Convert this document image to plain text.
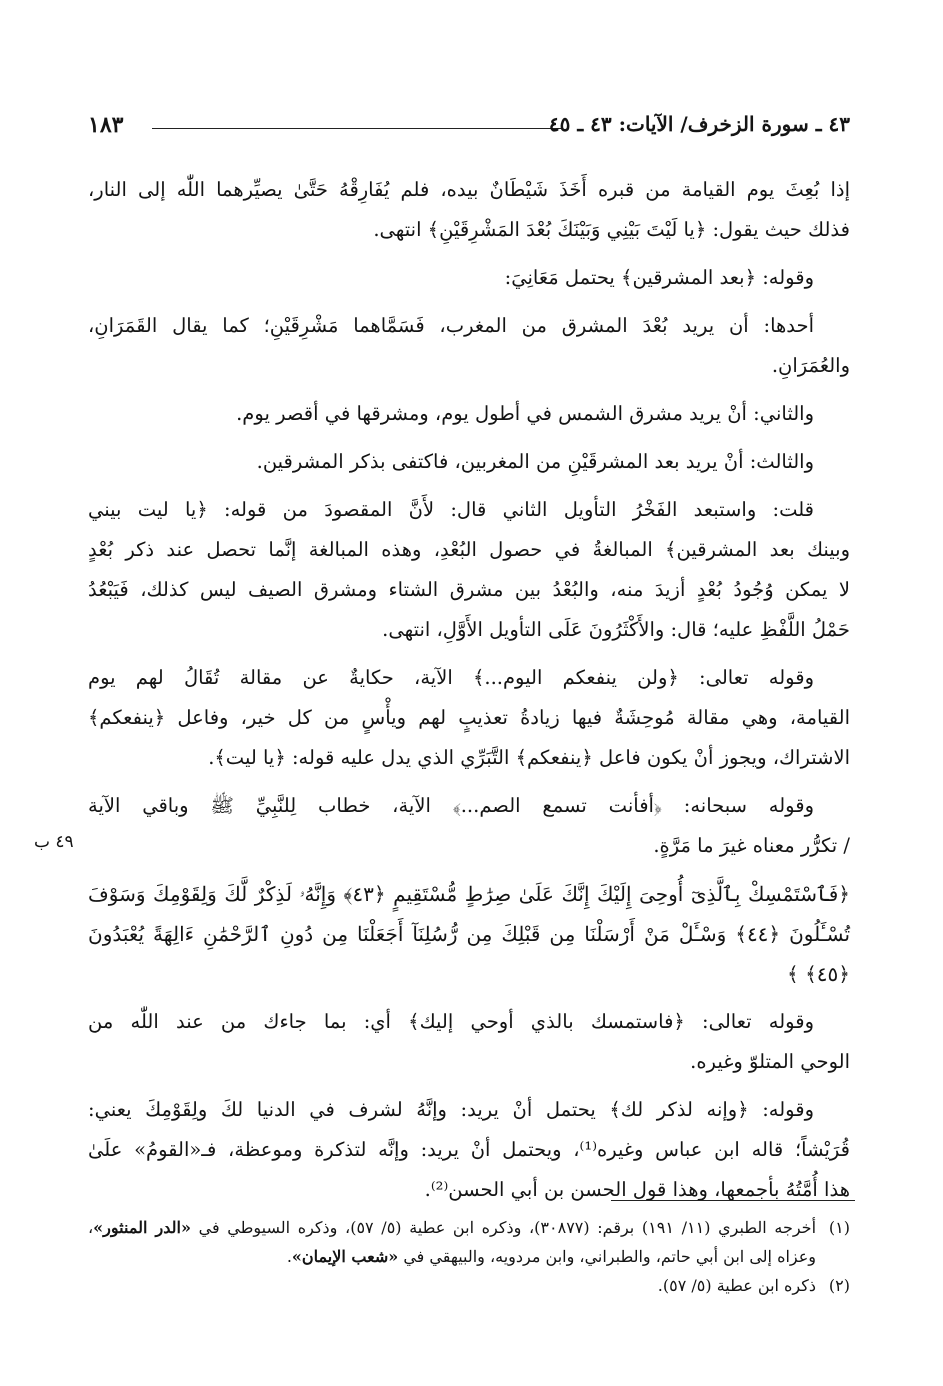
١٨٣	٤٣ ـ سورة الزخرف/ الآيات: ٤٣ ـ ٤٥
٤٩ ب

إذا بُعِثَ يوم القيامة من قبره أَخَذَ شَيْطَانٌ بيده، فلم يُفَارِقْهُ حَتَّىٰ يصيِّرهما اللّٰه إلى النار،
فذلك حيث يقول: ﴿يا لَيْتَ بَيْنِي وَبَيْنَكَ بُعْدَ المَشْرِقَيْنِ﴾ انتهى.

وقوله: ﴿بعد المشرقين﴾ يحتمل مَعَانِيَ:

أحدها: أن يريد بُعْدَ المشرق من المغرب، فَسَمَّاهما مَشْرِقَيْنِ؛ كما يقال القَمَرَانِ،
والعُمَرَانِ.

والثاني: أنْ يريد مشرق الشمس في أطول يوم، ومشرقها في أقصر يوم.

والثالث: أنْ يريد بعد المشرقَيْنِ من المغربين، فاكتفى بذكر المشرقين.

قلت: واستبعد الفَخْرُ التأويل الثاني قال: لأَنَّ المقصودَ من قوله: ﴿يا ليت بيني
وبينك بعد المشرقين﴾ المبالغةُ في حصول البُعْدِ، وهذه المبالغة إنَّما تحصل عند ذكر بُعْدٍ
لا يمكن وُجُودُ بُعْدٍ أزيدَ منه، والبُعْدُ بين مشرق الشتاء ومشرق الصيف ليس كذلك، فَيَبْعُدُ
حَمْلُ اللَّفْظِ عليه؛ قال: والأَكْثَرُونَ عَلَى التأويل الأَوَّلِ، انتهى.

وقوله تعالى: ﴿ولن ينفعكم اليوم...﴾ الآية، حكايةٌ عن مقالة تُقَالُ لهم يوم
القيامة، وهي مقالة مُوحِشَةٌ فيها زيادةُ تعذيبٍ لهم ويأْسٍ من كل خير، وفاعل ﴿ينفعكم﴾
الاشتراك، ويجوز أنْ يكون فاعل ﴿ينفعكم﴾ التَّبَرِّي الذي يدل عليه قوله: ﴿يا ليت﴾.

وقوله سبحانه: ﴿أفأنت تسمع الصم...﴾ الآية، خطاب لِلنَّبِيِّ ﷺ وباقي الآية
/ تكرُّر معناه غيرَ ما مَرَّةٍ.

﴿فَٱسْتَمْسِكْ بِٱلَّذِىٓ أُوحِىَ إِلَيْكَ إِنَّكَ عَلَىٰ صِرَٰطٍ مُّسْتَقِيمٍ ﴿٤٣﴾ وَإِنَّهُۥ لَذِكْرٌ لَّكَ وَلِقَوْمِكَ وَسَوْفَ
تُسْـَٔلُونَ ﴿٤٤﴾ وَسْـَٔلْ مَنْ أَرْسَلْنَا مِن قَبْلِكَ مِن رُّسُلِنَآ أَجَعَلْنَا مِن دُونِ ٱلرَّحْمَٰنِ ءَالِهَةً يُعْبَدُونَ ﴿٤٥﴾ ﴾

وقوله تعالى: ﴿فاستمسك بالذي أوحي إليك﴾ أي: بما جاءك من عند اللّٰه من
الوحي المتلوّ وغيره.

وقوله: ﴿وإنه لذكر لك﴾ يحتمل أنْ يريد: وإنَّهُ لشرف في الدنيا لكَ ولِقَوْمِكَ يعني:
قُرَيْشاً؛ قاله ابن عباس وغيره⁽¹⁾، ويحتمل أنْ يريد: وإنَّه لتذكرة وموعظة، فـ«القومُ» علَىٰ
هذا أُمَّتُهُ بأجمعها، وهذا قول الحسن بن أبي الحسن⁽²⁾.

(١)
أخرجه الطبري (١١/ ١٩١) برقم: (٣٠٨٧٧)، وذكره ابن عطية (٥/ ٥٧)، وذكره السيوطي في «الدر المنثور»، وعزاه إلى ابن أبي حاتم، والطبراني، وابن مردويه، والبيهقي في «شعب الإيمان».
(٢)
ذكره ابن عطية (٥/ ٥٧).
